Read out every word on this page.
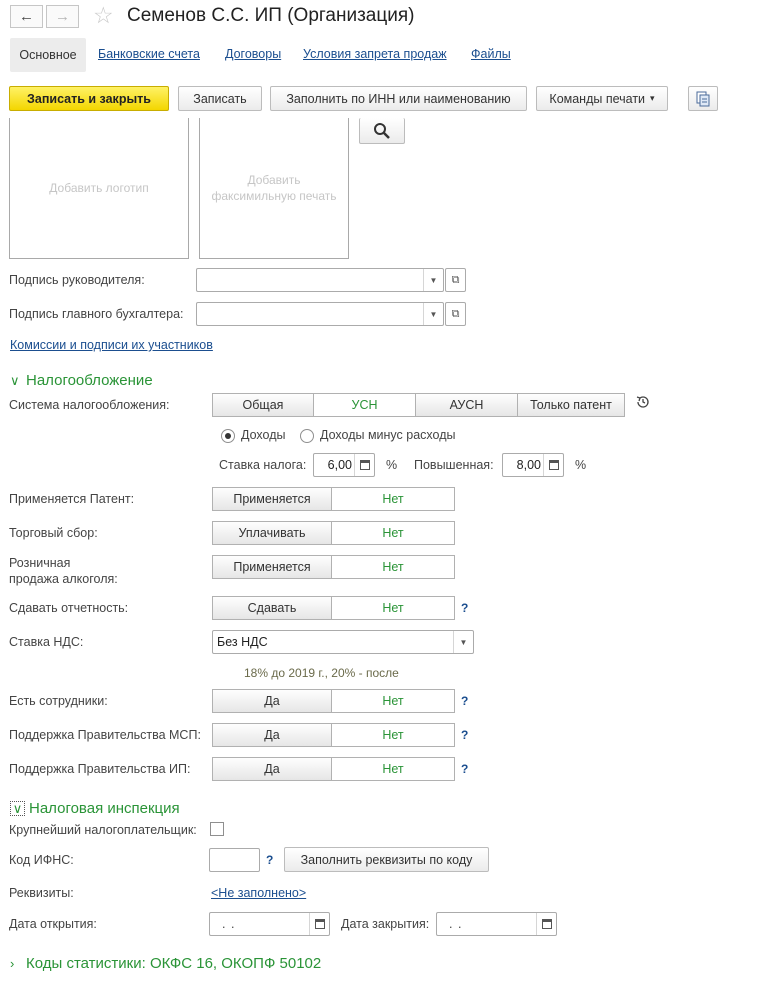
← → ☆ Семенов С.С. ИП (Организация)
Основное Банковские счета Договоры Условия запрета продаж Файлы
Записать и закрыть	Записать	Заполнить по ИНН или наименованию	Команды печати ▾
Добавить логотип
Добавить факсимильную печать
Подпись руководителя:	▼	⧉
Подпись главного бухгалтера:	▼	⧉
Комиссии и подписи их участников
∨ Налогообложение
Система налогообложения:	Общая	УСН	АУСН	Только патент
Доходы	Доходы минус расходы
Ставка налога: 6,00	% Повышенная: 8,00	%
Применяется Патент:	Применяется	Нет
Торговый сбор:	Уплачивать	Нет
Розничная
продажа алкоголя:
Применяется	Нет
Сдавать отчетность:	Сдавать	Нет	?
Ставка НДС:	Без НДС	▼
18% до 2019 г., 20% - после
Есть сотрудники:	Да	Нет	?
Поддержка Правительства МСП:	Да	Нет	?
Поддержка Правительства ИП:	Да	Нет	?
∨ Налоговая инспекция
Крупнейший налогоплательщик:
Код ИФНС:	?	Заполнить реквизиты по коду
Реквизиты:	<Не заполнено>
Дата открытия:	. .	Дата закрытия: . .
› Коды статистики: ОКФС 16, ОКОПФ 50102
